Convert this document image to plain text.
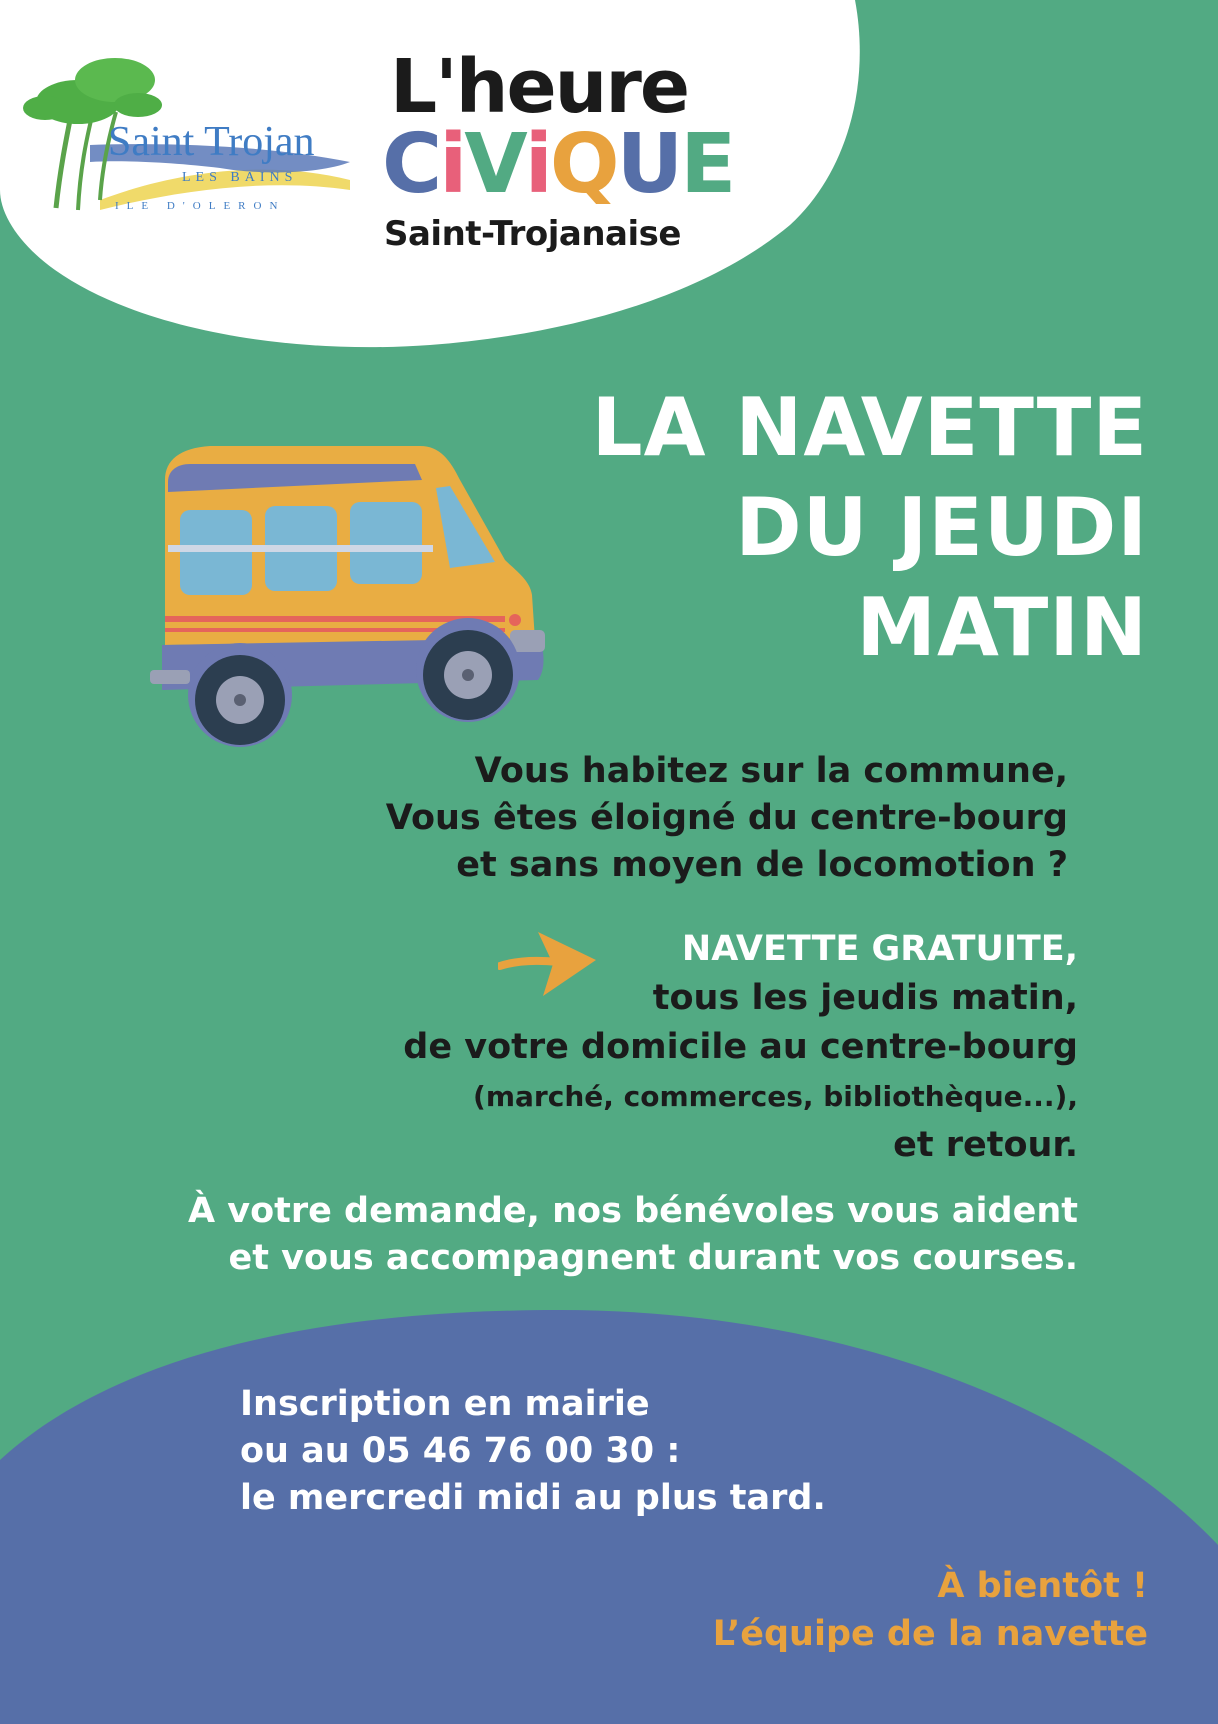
Saint Trojan
LES BAINS
ILE D'OLERON
L'heure
CiViQUE
Saint-Trojanaise
LA NAVETTE
DU JEUDI
MATIN
Vous habitez sur la commune,
Vous êtes éloigné du centre-bourg
et sans moyen de locomotion ?
NAVETTE GRATUITE,
tous les jeudis matin,
de votre domicile au centre-bourg
(marché, commerces, bibliothèque...),
et retour.
À votre demande, nos bénévoles vous aident
et vous accompagnent durant vos courses.
Inscription en mairie
ou au 05 46 76 00 30 :
le mercredi midi au plus tard.
À bientôt !
L’équipe de la navette
